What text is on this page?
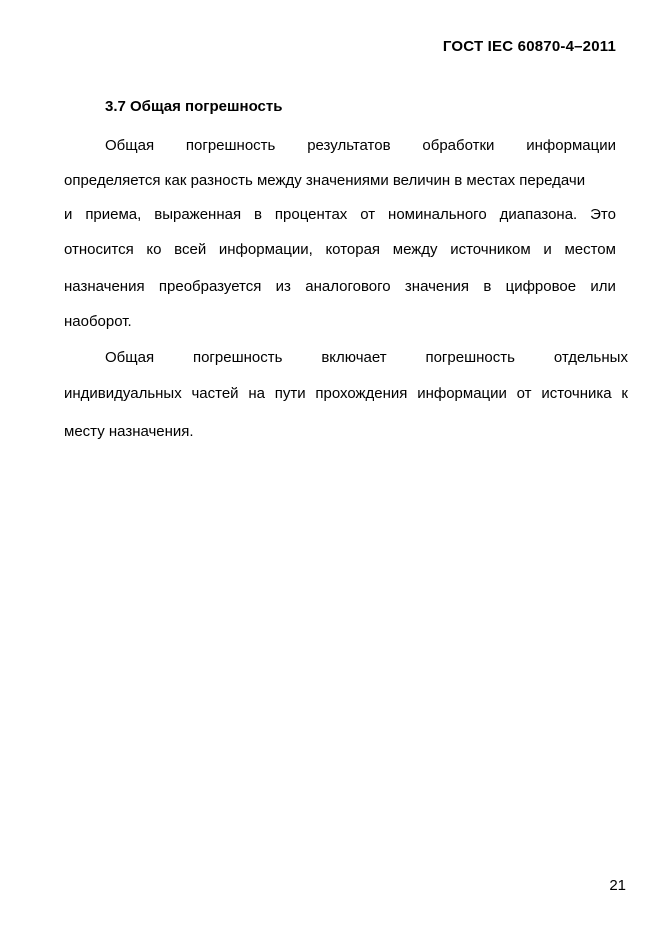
ГОСТ IEC 60870-4–2011
3.7 Общая погрешность
Общая погрешность результатов обработки информации
определяется как разность между значениями величин в местах передачи
и приема, выраженная в процентах от номинального диапазона. Это
относится ко всей информации, которая между источником и местом
назначения преобразуется из аналогового значения в цифровое или
наоборот.
Общая	погрешность	включает	погрешность	отдельных
индивидуальных частей на пути прохождения информации от источника к
месту назначения.
21
